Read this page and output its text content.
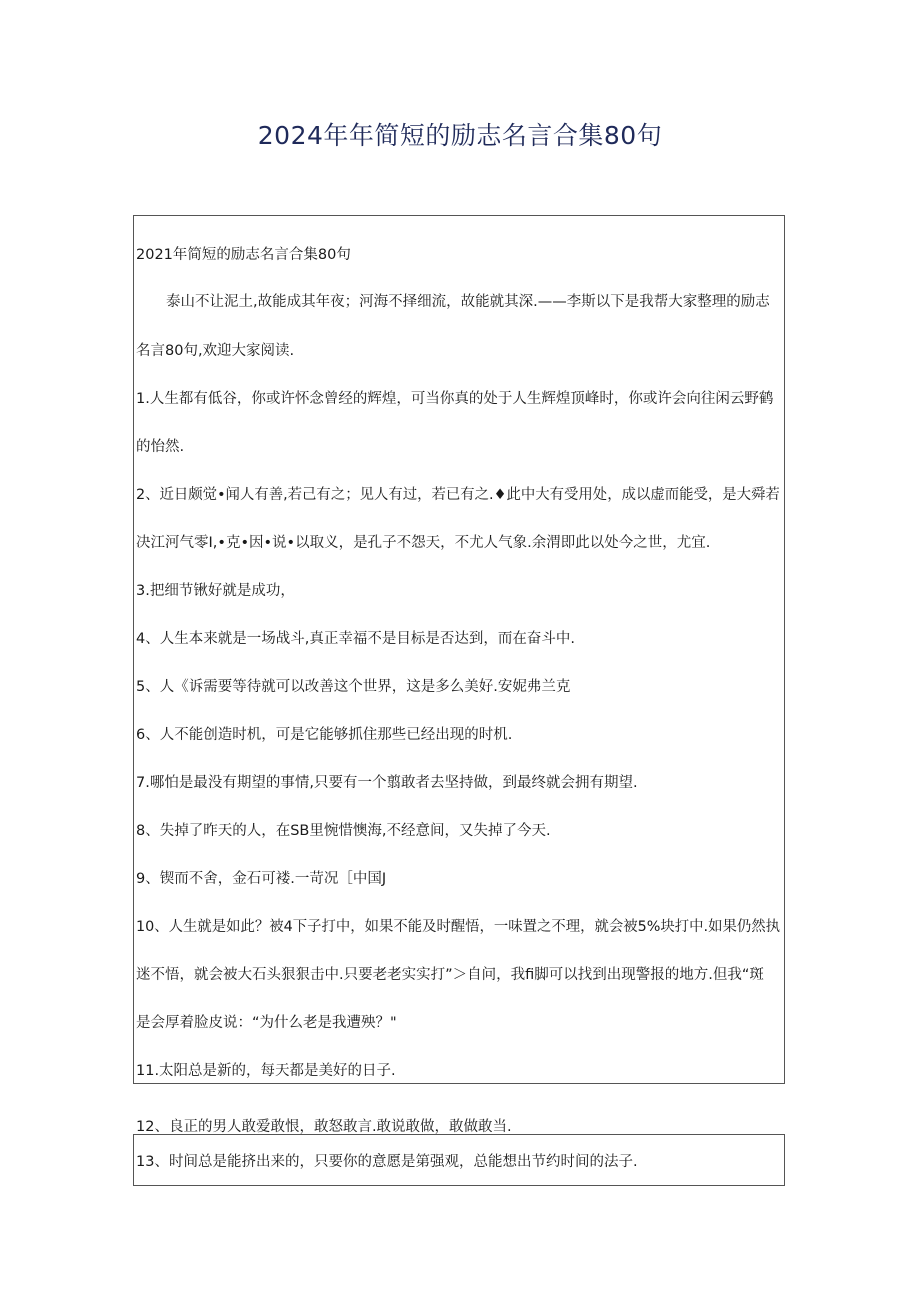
2024年年简短的励志名言合集80句
2021年简短的励志名言合集80句
泰山不让泥土,故能成其年夜；河海不择细流，故能就其深.——李斯以下是我帮大家整理的励志
名言80句,欢迎大家阅读.
1.人生都有低谷，你或许怀念曾经的辉煌，可当你真的处于人生辉煌顶峰时，你或许会向往闲云野鹤
的怡然.
2、近日颇觉•闻人有善,若己有之；见人有过，若已有之.♦此中大有受用处，成以虚而能受，是大舜若
决江河气零I,•克•因•说•以取义，是孔子不怨天，不尤人气象.余渭即此以处今之世，尤宜.
3.把细节锹好就是成功，
4、人生本来就是一场战斗,真正幸福不是目标是否达到，而在奋斗中.
5、人《诉需要等待就可以改善这个世界，这是多么美好.安妮弗兰克
6、人不能创造时机，可是它能够抓住那些已经出现的时机.
7.哪怕是最没有期望的事情,只要有一个翦敢者去坚持做，到最终就会拥有期望.
8、失掉了昨天的人，在SB里惋惜懊海,不经意间，又失掉了今天.
9、锲而不舍，金石可褛.一苛况［中国J
10、人生就是如此？被4下子打中，如果不能及时醒悟，一味置之不理，就会被5%块打中.如果仍然执
迷不悟，就会被大石头狠狠击中.只要老老实实打”＞自问，我fi脚可以找到出现警报的地方.但我“斑
是会厚着脸皮说：“为什么老是我遭殃？"
11.太阳总是新的，每天都是美好的日子.
12、良正的男人敢爱敢恨，敢怒敢言.敢说敢做，敢做敢当.
13、时间总是能挤出来的，只要你的意愿是第强观，总能想出节约时间的法子.
